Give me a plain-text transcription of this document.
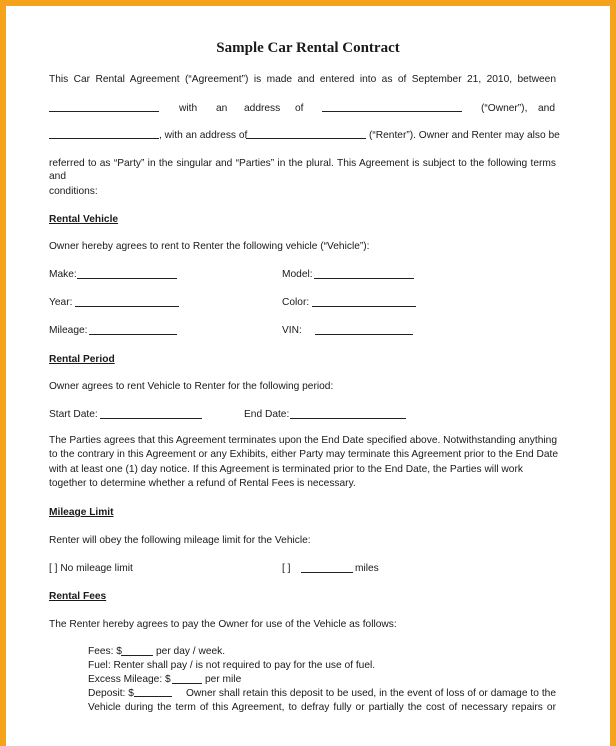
Sample Car Rental Contract
This Car Rental Agreement (“Agreement”) is made and entered into as of September 21, 2010, between
with an address of	(“Owner”), and
, with an address of	(“Renter”). Owner and Renter may also be
referred to as “Party” in the singular and “Parties” in the plural. This Agreement is subject to the following terms and
conditions:
Rental Vehicle
Owner hereby agrees to rent to Renter the following vehicle (“Vehicle”):
Make:	Model:
Year:	Color:
Mileage:	VIN:
Rental Period
Owner agrees to rent Vehicle to Renter for the following period:
Start Date:	End Date:
The Parties agrees that this Agreement terminates upon the End Date specified above. Notwithstanding anything to the contrary in this Agreement or any Exhibits, either Party may terminate this Agreement prior to the End Date with at least one (1) day notice. If this Agreement is terminated prior to the End Date, the Parties will work together to determine whether a refund of Rental Fees is necessary.
Mileage Limit
Renter will obey the following mileage limit for the Vehicle:
[ ] No mileage limit	[ ]	miles
Rental Fees
The Renter hereby agrees to pay the Owner for use of the Vehicle as follows:
Fees: $	per day / week.
Fuel: Renter shall pay / is not required to pay for the use of fuel.
Excess Mileage: $	per mile
Deposit: $	Owner shall retain this deposit to be used, in the event of loss of or damage to the
Vehicle during the term of this Agreement, to defray fully or partially the cost of necessary repairs or
